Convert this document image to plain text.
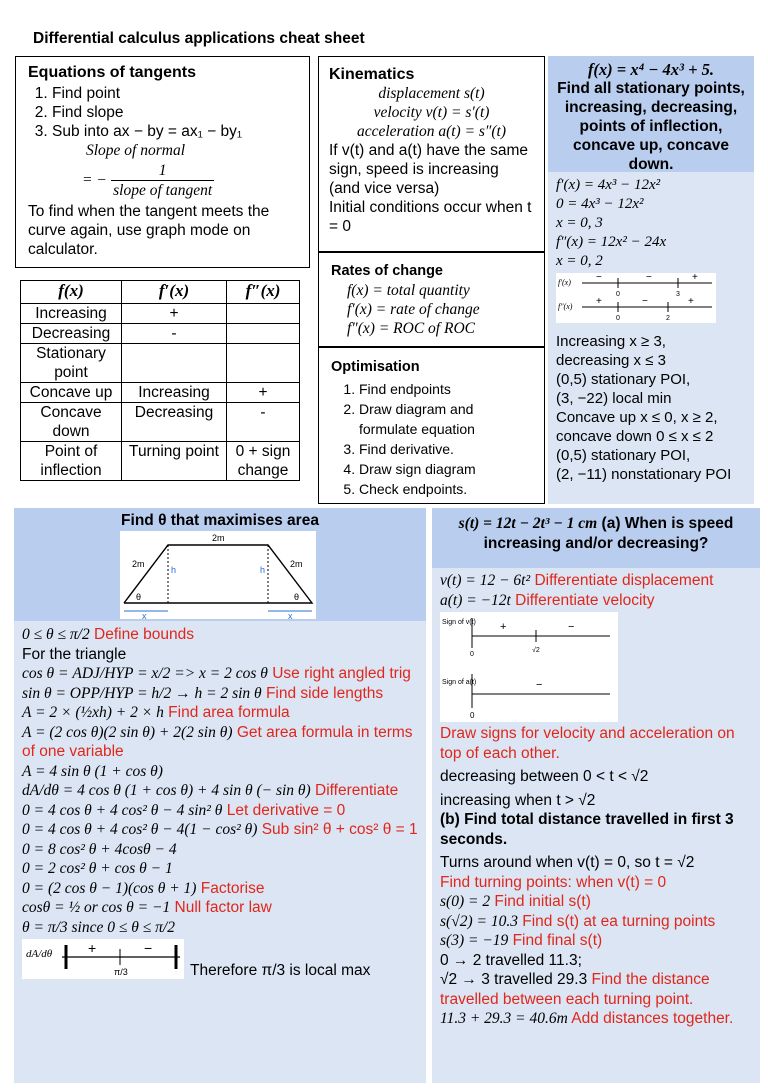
Differential calculus applications cheat sheet
Equations of tangents
1. Find point
2. Find slope
3. Sub into ax − by = ax₁ − by₁
Slope of normal
= − $\frac{1}{\text{slope of tangent}}$
To find when the tangent meets the curve again, use graph mode on calculator.
f(x)	f′(x)	f″(x)
Increasing	+	
Decreasing	-	
Stationary point		
Concave up	Increasing	+
Concave down	Decreasing	-
Point of inflection	Turning point	0 + sign change
Kinematics
displacement s(t)
velocity v(t) = s′(t)
acceleration a(t) = s″(t)
If v(t) and a(t) have the same sign, speed is increasing (and vice versa)
Initial conditions occur when t = 0
Rates of change
f(x) = total quantity
f′(x) = rate of change
f″(x) = ROC of ROC
Optimisation
1. Find endpoints
2. Draw diagram and formulate equation
3. Find derivative.
4. Draw sign diagram
5. Check endpoints.
f(x) = x⁴ − 4x³ + 5.
Find all stationary points, increasing, decreasing, points of inflection, concave up, concave down.
f′(x) = 4x³ − 12x²
0 = 4x³ − 12x²
x = 0, 3
f″(x) = 12x² − 24x
x = 0, 2
f′(x)	−	−	+
0	3
f″(x) +	−	+
0	2
Increasing x ≥ 3,
decreasing x ≤ 3
(0,5) stationary POI,
(3, −22) local min
Concave up x ≤ 0, x ≥ 2,
concave down 0 ≤ x ≤ 2
(0,5) stationary POI,
(2, −11) nonstationary POI
Find θ that maximises area
2m
2m	2m
h	h
x	x
θ	θ
0 ≤ θ ≤ π/2 Define bounds
For the triangle
cos θ = ADJ/HYP = x/2 => x = 2 cos θ Use right angled trig
sin θ = OPP/HYP = h/2 → h = 2 sin θ Find side lengths
A = 2 × (½xh) + 2 × h Find area formula
A = (2 cos θ)(2 sin θ) + 2(2 sin θ) Get area formula in terms of one variable
A = 4 sin θ (1 + cos θ)
dA/dθ = 4 cos θ (1 + cos θ) + 4 sin θ (− sin θ) Differentiate
0 = 4 cos θ + 4 cos² θ − 4 sin² θ Let derivative = 0
0 = 4 cos θ + 4 cos² θ − 4(1 − cos² θ) Sub sin² θ + cos² θ = 1
0 = 8 cos² θ + 4cosθ − 4
0 = 2 cos² θ + cos θ − 1
0 = (2 cos θ − 1)(cos θ + 1) Factorise
cosθ = ½ or cos θ = −1 Null factor law
θ = π/3 since 0 ≤ θ ≤ π/2
dA/dθ	+	−
π/3	Therefore π/3 is local max
s(t) = 12t − 2t³ − 1 cm (a) When is speed increasing and/or decreasing?
v(t) = 12 − 6t² Differentiate displacement
a(t) = −12t Differentiate velocity
Sign of v(t) +	−
0
√2
Sign of a(t)	−
0
Draw signs for velocity and acceleration on top of each other.
decreasing between 0 < t < √2
increasing when t > √2
(b) Find total distance travelled in first 3 seconds.
Turns around when v(t) = 0, so t = √2
Find turning points: when v(t) = 0
s(0) = 2 Find initial s(t)
s(√2) = 10.3 Find s(t) at ea turning points
s(3) = −19 Find final s(t)
0 → 2 travelled 11.3;
√2 → 3 travelled 29.3 Find the distance travelled between each turning point.
11.3 + 29.3 = 40.6m Add distances together.
